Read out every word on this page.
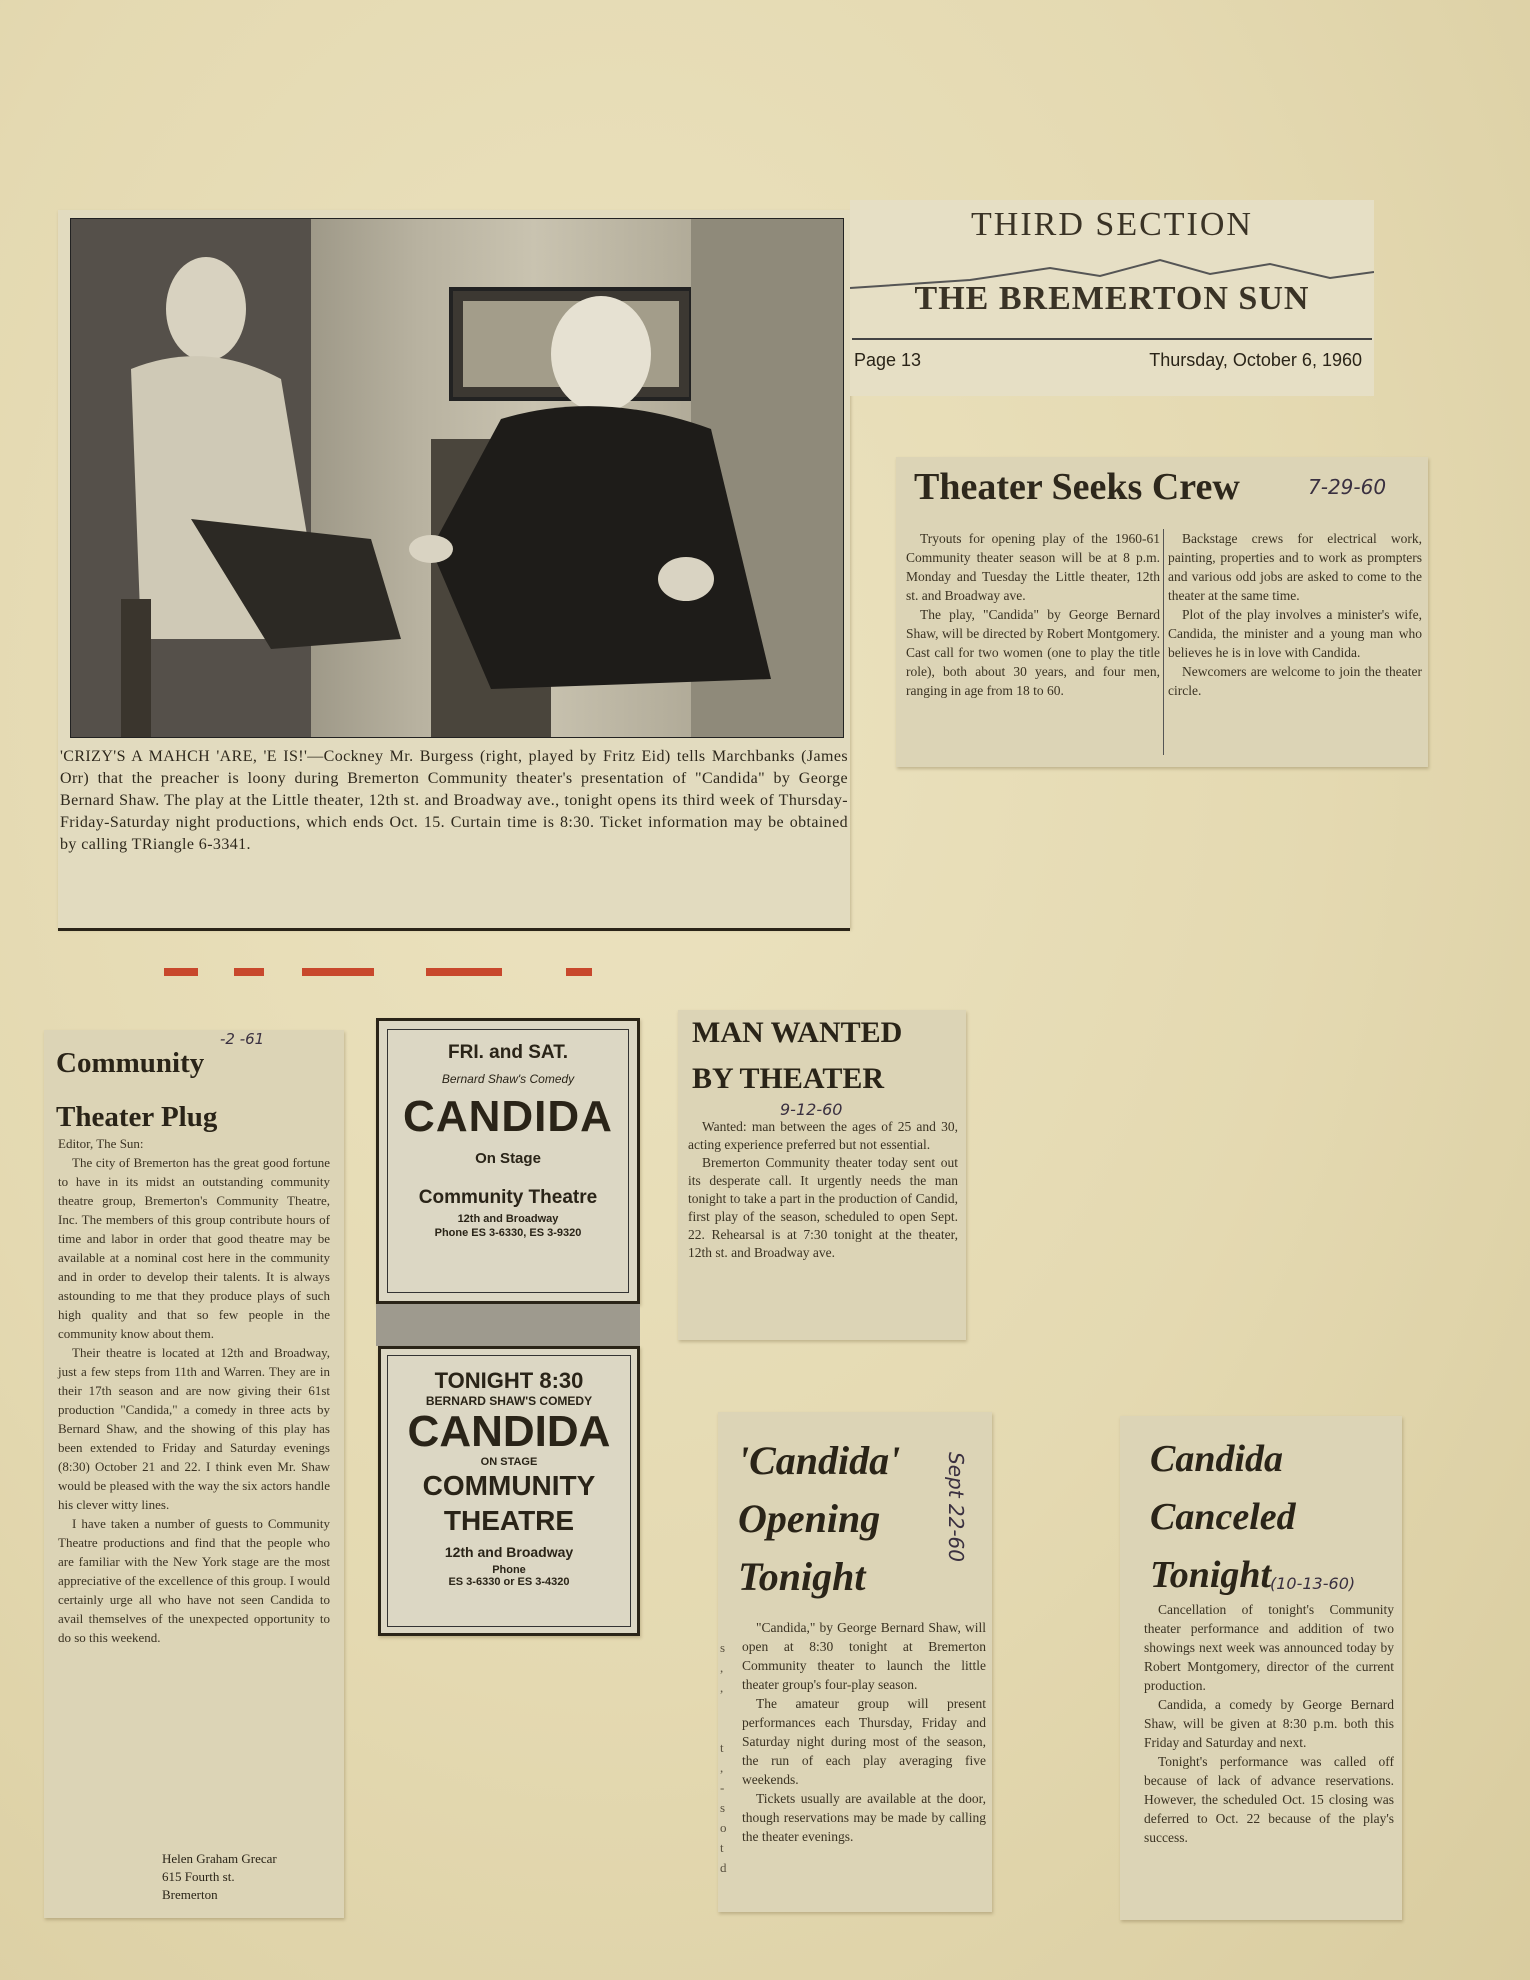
'CRIZY'S A MAHCH 'ARE, 'E IS!'—Cockney Mr. Burgess (right, played by Fritz Eid) tells Marchbanks (James Orr) that the preacher is loony during Bremerton Community theater's presentation of "Candida" by George Bernard Shaw. The play at the Little theater, 12th st. and Broadway ave., tonight opens its third week of Thursday-Friday-Saturday night productions, which ends Oct. 15. Curtain time is 8:30. Ticket information may be obtained by calling TRiangle 6-3341.
THIRD SECTION
THE BREMERTON SUN
Page 13	Thursday, October 6, 1960
Theater Seeks Crew	7-29-60

Tryouts for opening play of the 1960-61 Community theater season will be at 8 p.m. Monday and Tuesday the Little theater, 12th st. and Broadway ave.

The play, "Candida" by George Bernard Shaw, will be directed by Robert Montgomery. Cast call for two women (one to play the title role), both about 30 years, and four men, ranging in age from 18 to 60.

Backstage crews for electrical work, painting, properties and to work as prompters and various odd jobs are asked to come to the theater at the same time.

Plot of the play involves a minister's wife, Candida, the minister and a young man who believes he is in love with Candida.

Newcomers are welcome to join the theater circle.

-2 -61
Community
Theater Plug
Editor, The Sun:

The city of Bremerton has the great good fortune to have in its midst an outstanding community theatre group, Bremerton's Community Theatre, Inc. The members of this group contribute hours of time and labor in order that good theatre may be available at a nominal cost here in the community and in order to develop their talents. It is always astounding to me that they produce plays of such high quality and that so few people in the community know about them.

Their theatre is located at 12th and Broadway, just a few steps from 11th and Warren. They are in their 17th season and are now giving their 61st production "Candida," a comedy in three acts by Bernard Shaw, and the showing of this play has been extended to Friday and Saturday evenings (8:30) October 21 and 22. I think even Mr. Shaw would be pleased with the way the six actors handle his clever witty lines.

I have taken a number of guests to Community Theatre productions and find that the people who are familiar with the New York stage are the most appreciative of the excellence of this group. I would certainly urge all who have not seen Candida to avail themselves of the unexpected opportunity to do so this weekend.

Helen Graham Grecar
615 Fourth st.
Bremerton
FRI. and SAT.
Bernard Shaw's Comedy
CANDIDA
On Stage
Community Theatre
12th and Broadway
Phone ES 3-6330, ES 3-9320
TONIGHT 8:30
BERNARD SHAW'S COMEDY
CANDIDA
ON STAGE
COMMUNITY
THEATRE
12th and Broadway
Phone
ES 3-6330 or ES 3-4320
MAN WANTED
BY THEATER
9-12-60

Wanted: man between the ages of 25 and 30, acting experience preferred but not essential.

Bremerton Community theater today sent out its desperate call. It urgently needs the man tonight to take a part in the production of Candid, first play of the season, scheduled to open Sept. 22. Rehearsal is at 7:30 tonight at the theater, 12th st. and Broadway ave.

'Candida'
Opening
Tonight
Sept 22-60
s
,
,

t
,
-
s
o
t
d

"Candida," by George Bernard Shaw, will open at 8:30 tonight at Bremerton Community theater to launch the little theater group's four-play season.

The amateur group will present performances each Thursday, Friday and Saturday night during most of the season, the run of each play averaging five weekends.

Tickets usually are available at the door, though reservations may be made by calling the theater evenings.

Candida
Canceled
Tonight
(10-13-60)

Cancellation of tonight's Community theater performance and addition of two showings next week was announced today by Robert Montgomery, director of the current production.

Candida, a comedy by George Bernard Shaw, will be given at 8:30 p.m. both this Friday and Saturday and next.

Tonight's performance was called off because of lack of advance reservations. However, the scheduled Oct. 15 closing was deferred to Oct. 22 because of the play's success.
